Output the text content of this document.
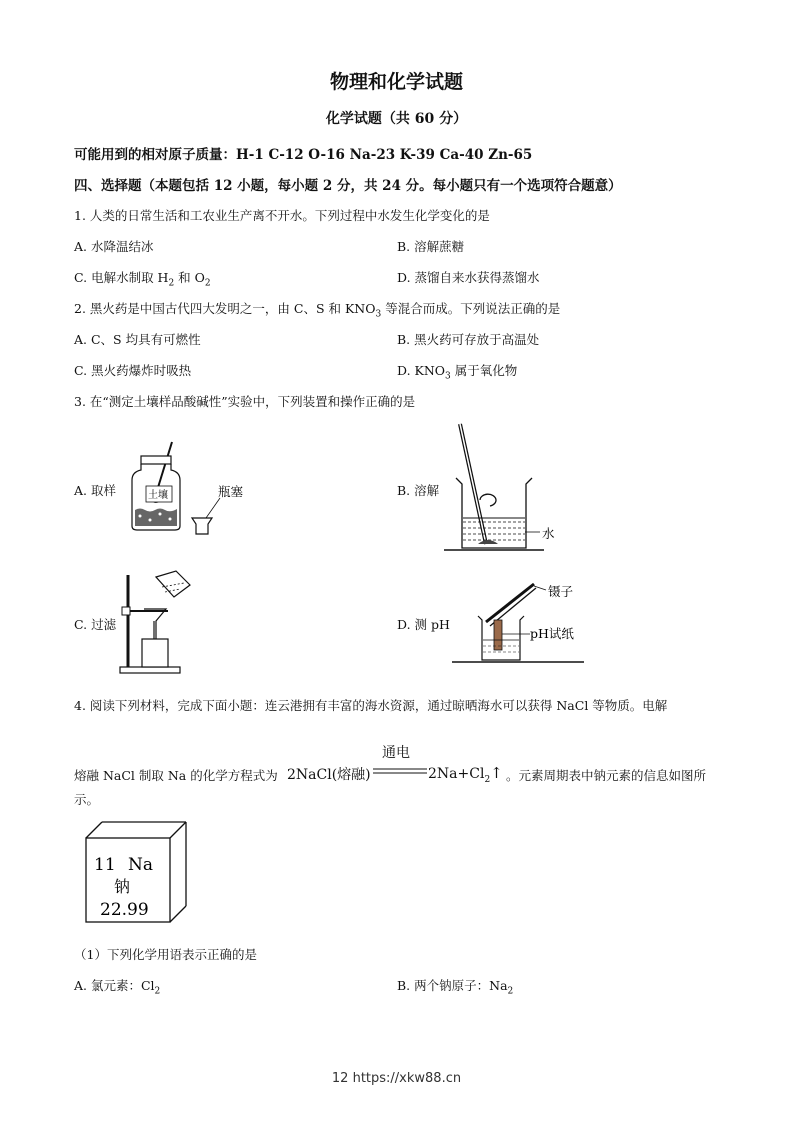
物理和化学试题
化学试题（共 60 分）
可能用到的相对原子质量：H-1 C-12 O-16 Na-23 K-39 Ca-40 Zn-65
四、选择题（本题包括 12 小题，每小题 2 分，共 24 分。每小题只有一个选项符合题意）
1. 人类的日常生活和工农业生产离不开水。下列过程中水发生化学变化的是
A. 水降温结冰	B. 溶解蔗糖
C. 电解水制取 $H_2$ 和 $O_2$	D. 蒸馏自来水获得蒸馏水
2. 黑火药是中国古代四大发明之一，由 C、S 和 $KNO_3$ 等混合而成。下列说法正确的是
A. C、S 均具有可燃性	B. 黑火药可存放于高温处
C. 黑火药爆炸时吸热	D. $KNO_3$ 属于氧化物
3. 在“测定土壤样品酸碱性”实验中，下列装置和操作正确的是
A. 取样	土壤	瓶塞	B. 溶解
水
C. 过滤	D. 测 pH
镊子
pH试纸
4. 阅读下列材料，完成下面小题：连云港拥有丰富的海水资源，通过晾晒海水可以获得 NaCl 等物质。电解
熔融 NaCl 制取 Na 的化学方程式为 2NaCl(熔融)
通电
$2Na+Cl_2↑$ 。元素周期表中钠元素的信息如图所
示。
11 Na
钠
22.99
（1）下列化学用语表示正确的是
A. 氯元素：$Cl_2$	B. 两个钠原子：$Na_2$
12 https://xkw88.cn
